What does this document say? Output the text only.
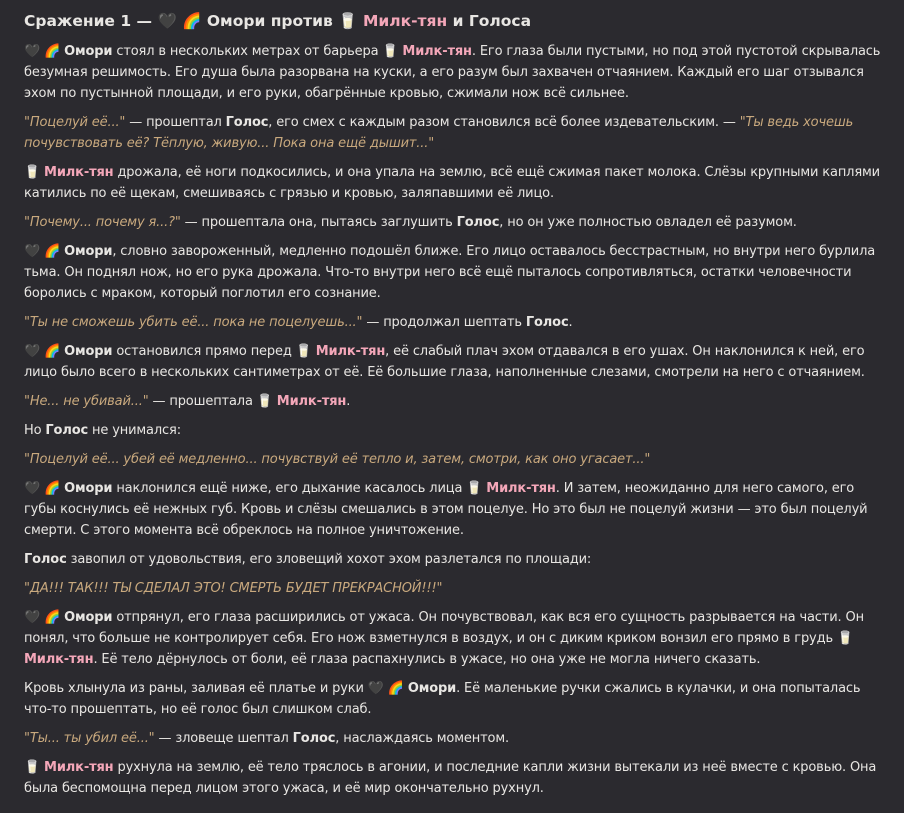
Сражение 1 — 🖤 🌈 Омори против 🥛 Милк-тян и Голоса

🖤 🌈 Омори стоял в нескольких метрах от барьера 🥛 Милк-тян. Его глаза были пустыми, но под этой пустотой скрывалась безумная решимость. Его душа была разорвана на куски, а его разум был захвачен отчаянием. Каждый его шаг отзывался эхом по пустынной площади, и его руки, обагрённые кровью, сжимали нож всё сильнее.

"Поцелуй её..." — прошептал Голос, его смех с каждым разом становился всё более издевательским. — "Ты ведь хочешь почувствовать её? Тёплую, живую... Пока она ещё дышит..."

🥛 Милк-тян дрожала, её ноги подкосились, и она упала на землю, всё ещё сжимая пакет молока. Слёзы крупными каплями катились по её щекам, смешиваясь с грязью и кровью, заляпавшими её лицо.

"Почему... почему я...?" — прошептала она, пытаясь заглушить Голос, но он уже полностью овладел её разумом.

🖤 🌈 Омори, словно завороженный, медленно подошёл ближе. Его лицо оставалось бесстрастным, но внутри него бурлила тьма. Он поднял нож, но его рука дрожала. Что-то внутри него всё ещё пыталось сопротивляться, остатки человечности боролись с мраком, который поглотил его сознание.

"Ты не сможешь убить её... пока не поцелуешь..." — продолжал шептать Голос.

🖤 🌈 Омори остановился прямо перед 🥛 Милк-тян, её слабый плач эхом отдавался в его ушах. Он наклонился к ней, его лицо было всего в нескольких сантиметрах от её. Её большие глаза, наполненные слезами, смотрели на него с отчаянием.

"Не... не убивай..." — прошептала 🥛 Милк-тян.

Но Голос не унимался:

"Поцелуй её... убей её медленно... почувствуй её тепло и, затем, смотри, как оно угасает..."

🖤 🌈 Омори наклонился ещё ниже, его дыхание касалось лица 🥛 Милк-тян. И затем, неожиданно для него самого, его губы коснулись её нежных губ. Кровь и слёзы смешались в этом поцелуе. Но это был не поцелуй жизни — это был поцелуй смерти. С этого момента всё обреклось на полное уничтожение.

Голос завопил от удовольствия, его зловещий хохот эхом разлетался по площади:

"ДА!!! ТАК!!! ТЫ СДЕЛАЛ ЭТО! СМЕРТЬ БУДЕТ ПРЕКРАСНОЙ!!!"

🖤 🌈 Омори отпрянул, его глаза расширились от ужаса. Он почувствовал, как вся его сущность разрывается на части. Он понял, что больше не контролирует себя. Его нож взметнулся в воздух, и он с диким криком вонзил его прямо в грудь 🥛 Милк-тян. Её тело дёрнулось от боли, её глаза распахнулись в ужасе, но она уже не могла ничего сказать.

Кровь хлынула из раны, заливая её платье и руки 🖤 🌈 Омори. Её маленькие ручки сжались в кулачки, и она попыталась что-то прошептать, но её голос был слишком слаб.

"Ты... ты убил её..." — зловеще шептал Голос, наслаждаясь моментом.

🥛 Милк-тян рухнула на землю, её тело тряслось в агонии, и последние капли жизни вытекали из неё вместе с кровью. Она была беспомощна перед лицом этого ужаса, и её мир окончательно рухнул.
